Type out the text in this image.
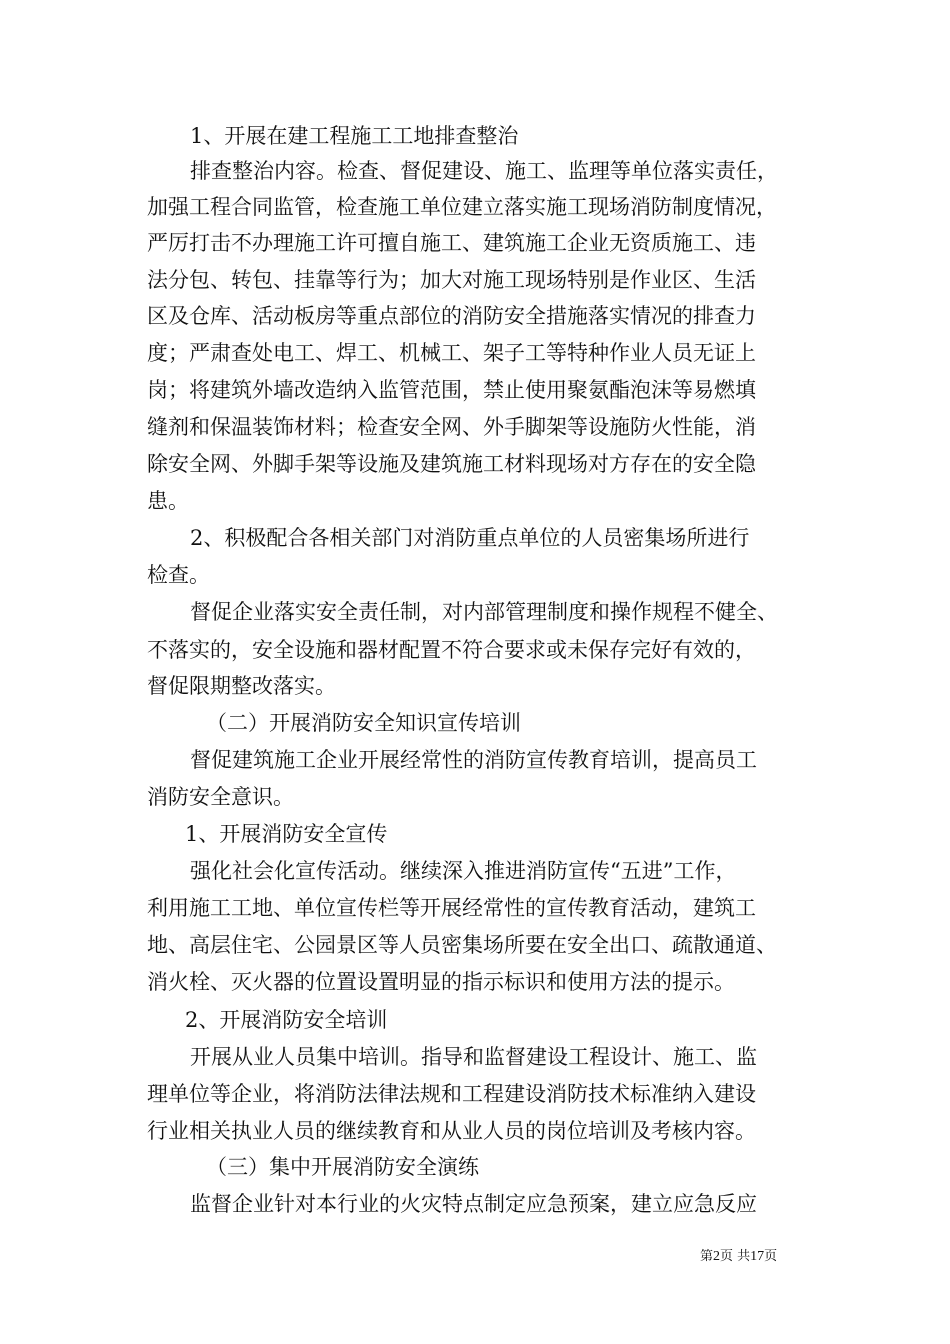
1、开展在建工程施工工地排查整治
排查整治内容。检查、督促建设、施工、监理等单位落实责任，
加强工程合同监管，检查施工单位建立落实施工现场消防制度情况，
严厉打击不办理施工许可擅自施工、建筑施工企业无资质施工、违
法分包、转包、挂靠等行为；加大对施工现场特别是作业区、生活
区及仓库、活动板房等重点部位的消防安全措施落实情况的排查力
度；严肃查处电工、焊工、机械工、架子工等特种作业人员无证上
岗；将建筑外墙改造纳入监管范围，禁止使用聚氨酯泡沫等易燃填
缝剂和保温装饰材料；检查安全网、外手脚架等设施防火性能，消
除安全网、外脚手架等设施及建筑施工材料现场对方存在的安全隐
患。
2、积极配合各相关部门对消防重点单位的人员密集场所进行
检查。
督促企业落实安全责任制，对内部管理制度和操作规程不健全、
不落实的，安全设施和器材配置不符合要求或未保存完好有效的，
督促限期整改落实。
（二）开展消防安全知识宣传培训
督促建筑施工企业开展经常性的消防宣传教育培训，提高员工
消防安全意识。
1、开展消防安全宣传
强化社会化宣传活动。继续深入推进消防宣传“五进”工作，
利用施工工地、单位宣传栏等开展经常性的宣传教育活动，建筑工
地、高层住宅、公园景区等人员密集场所要在安全出口、疏散通道、
消火栓、灭火器的位置设置明显的指示标识和使用方法的提示。
2、开展消防安全培训
开展从业人员集中培训。指导和监督建设工程设计、施工、监
理单位等企业，将消防法律法规和工程建设消防技术标准纳入建设
行业相关执业人员的继续教育和从业人员的岗位培训及考核内容。
（三）集中开展消防安全演练
监督企业针对本行业的火灾特点制定应急预案，建立应急反应
第2页 共17页
